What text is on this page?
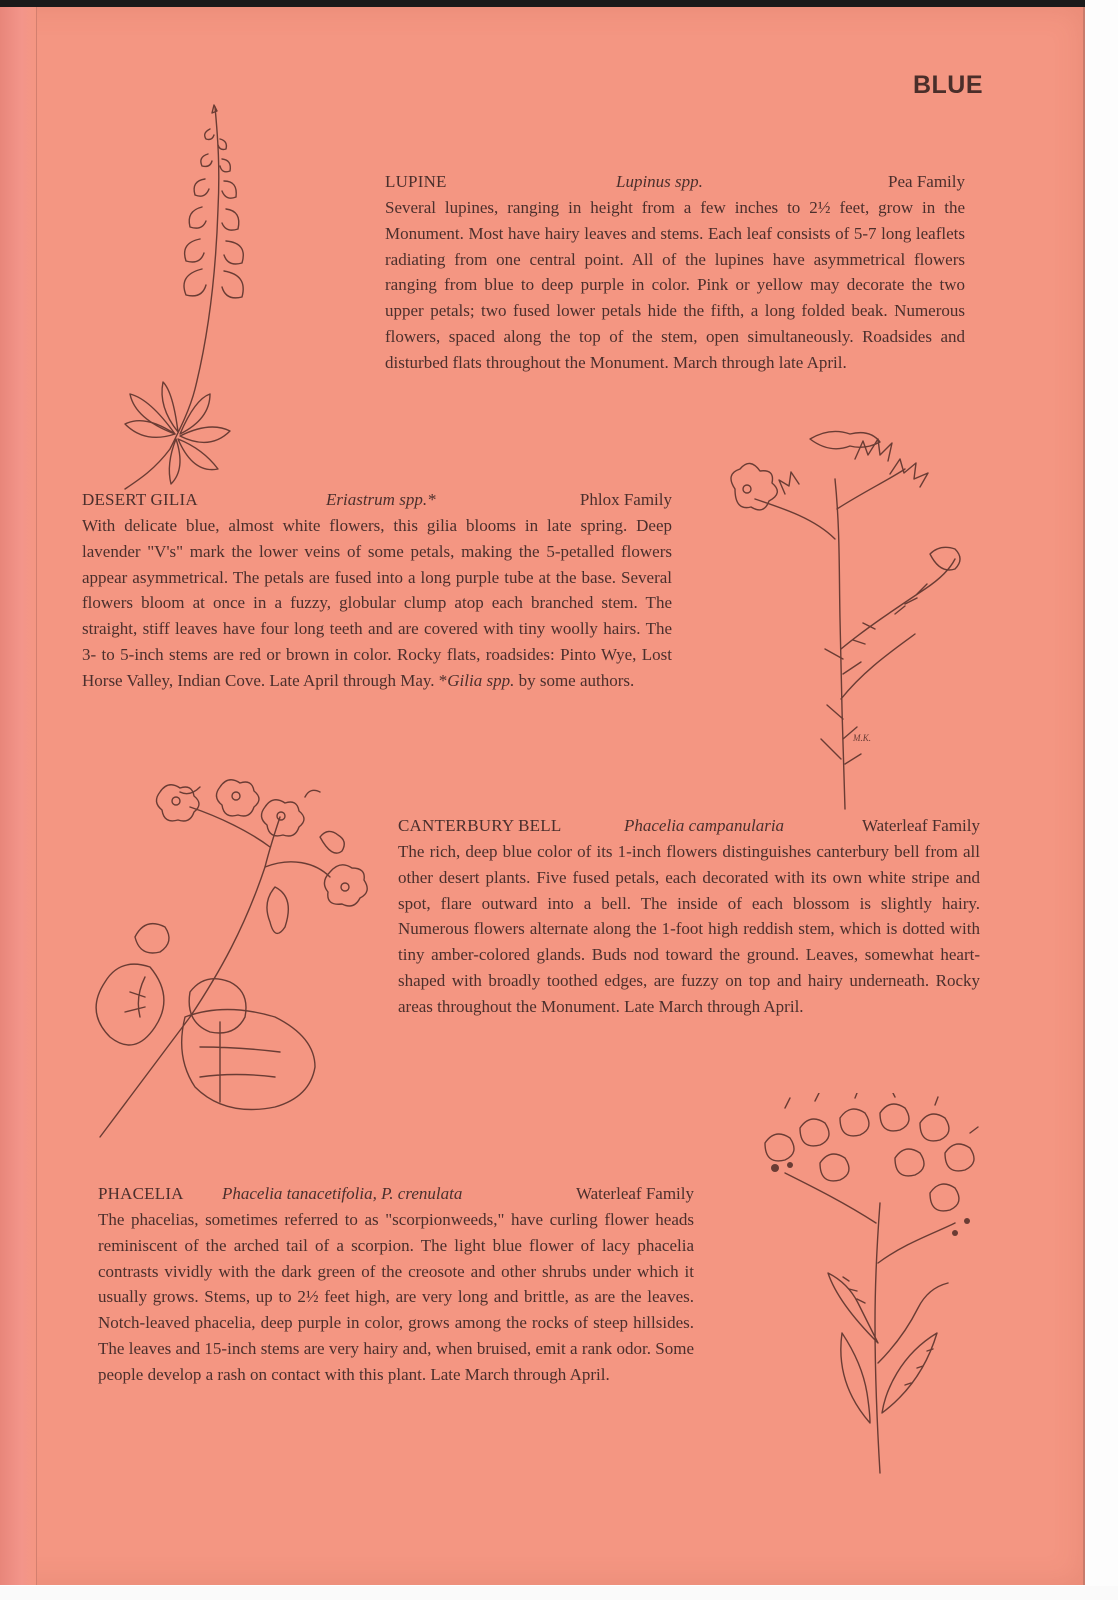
BLUE
LUPINE	Lupinus spp.	Pea Family

Several lupines, ranging in height from a few inches to 2½ feet, grow in the Monument. Most have hairy leaves and stems. Each leaf consists of 5-7 long leaflets radiating from one central point. All of the lupines have asymmetrical flowers ranging from blue to deep purple in color. Pink or yellow may decorate the two upper petals; two fused lower petals hide the fifth, a long folded beak. Numerous flowers, spaced along the top of the stem, open simultaneously. Roadsides and disturbed flats throughout the Monument. March through late April.

DESERT GILIA	Eriastrum spp.*	Phlox Family

With delicate blue, almost white flowers, this gilia blooms in late spring. Deep lavender "V's" mark the lower veins of some petals, making the 5-petalled flowers appear asymmetrical. The petals are fused into a long purple tube at the base. Several flowers bloom at once in a fuzzy, globular clump atop each branched stem. The straight, stiff leaves have four long teeth and are covered with tiny woolly hairs. The 3- to 5-inch stems are red or brown in color. Rocky flats, roadsides: Pinto Wye, Lost Horse Valley, Indian Cove. Late April through May. *Gilia spp. by some authors.

M.K.
CANTERBURY BELL	Phacelia campanularia	Waterleaf Family

The rich, deep blue color of its 1-inch flowers distinguishes canterbury bell from all other desert plants. Five fused petals, each decorated with its own white stripe and spot, flare outward into a bell. The inside of each blossom is slightly hairy. Numerous flowers alternate along the 1-foot high reddish stem, which is dotted with tiny amber-colored glands. Buds nod toward the ground. Leaves, somewhat heart-shaped with broadly toothed edges, are fuzzy on top and hairy underneath. Rocky areas throughout the Monument. Late March through April.

PHACELIA Phacelia tanacetifolia, P. crenulata	Waterleaf Family

The phacelias, sometimes referred to as "scorpionweeds," have curling flower heads reminiscent of the arched tail of a scorpion. The light blue flower of lacy phacelia contrasts vividly with the dark green of the creosote and other shrubs under which it usually grows. Stems, up to 2½ feet high, are very long and brittle, as are the leaves. Notch-leaved phacelia, deep purple in color, grows among the rocks of steep hillsides. The leaves and 15-inch stems are very hairy and, when bruised, emit a rank odor. Some people develop a rash on contact with this plant. Late March through April.
